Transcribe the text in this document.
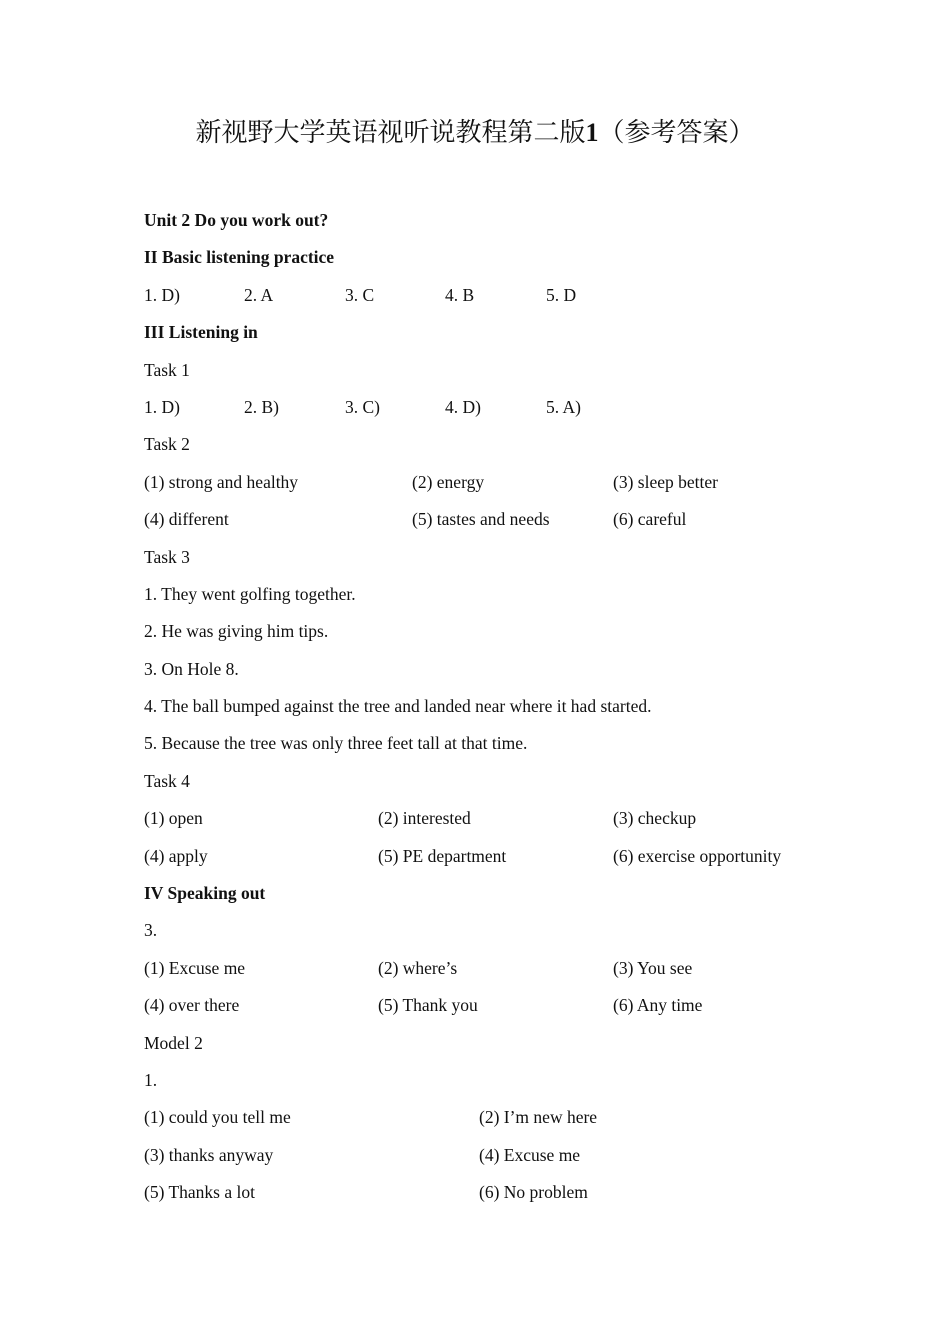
新视野大学英语视听说教程第二版1（参考答案）
Unit 2 Do you work out?
II Basic listening practice
1. D)	2. A	3. C	4. B	5. D
III Listening in
Task 1
1. D)	2. B)	3. C)	4. D)	5. A)
Task 2
(1) strong and healthy	(2) energy	(3) sleep better
(4) different	(5) tastes and needs	(6) careful
Task 3
1. They went golfing together.
2. He was giving him tips.
3. On Hole 8.
4. The ball bumped against the tree and landed near where it had started.
5. Because the tree was only three feet tall at that time.
Task 4
(1) open	(2) interested	(3) checkup
(4) apply	(5) PE department	(6) exercise opportunity
IV Speaking out
3.
(1) Excuse me	(2) where’s	(3) You see
(4) over there	(5) Thank you	(6) Any time
Model 2
1.
(1) could you tell me	(2) I’m new here
(3) thanks anyway	(4) Excuse me
(5) Thanks a lot	(6) No problem
